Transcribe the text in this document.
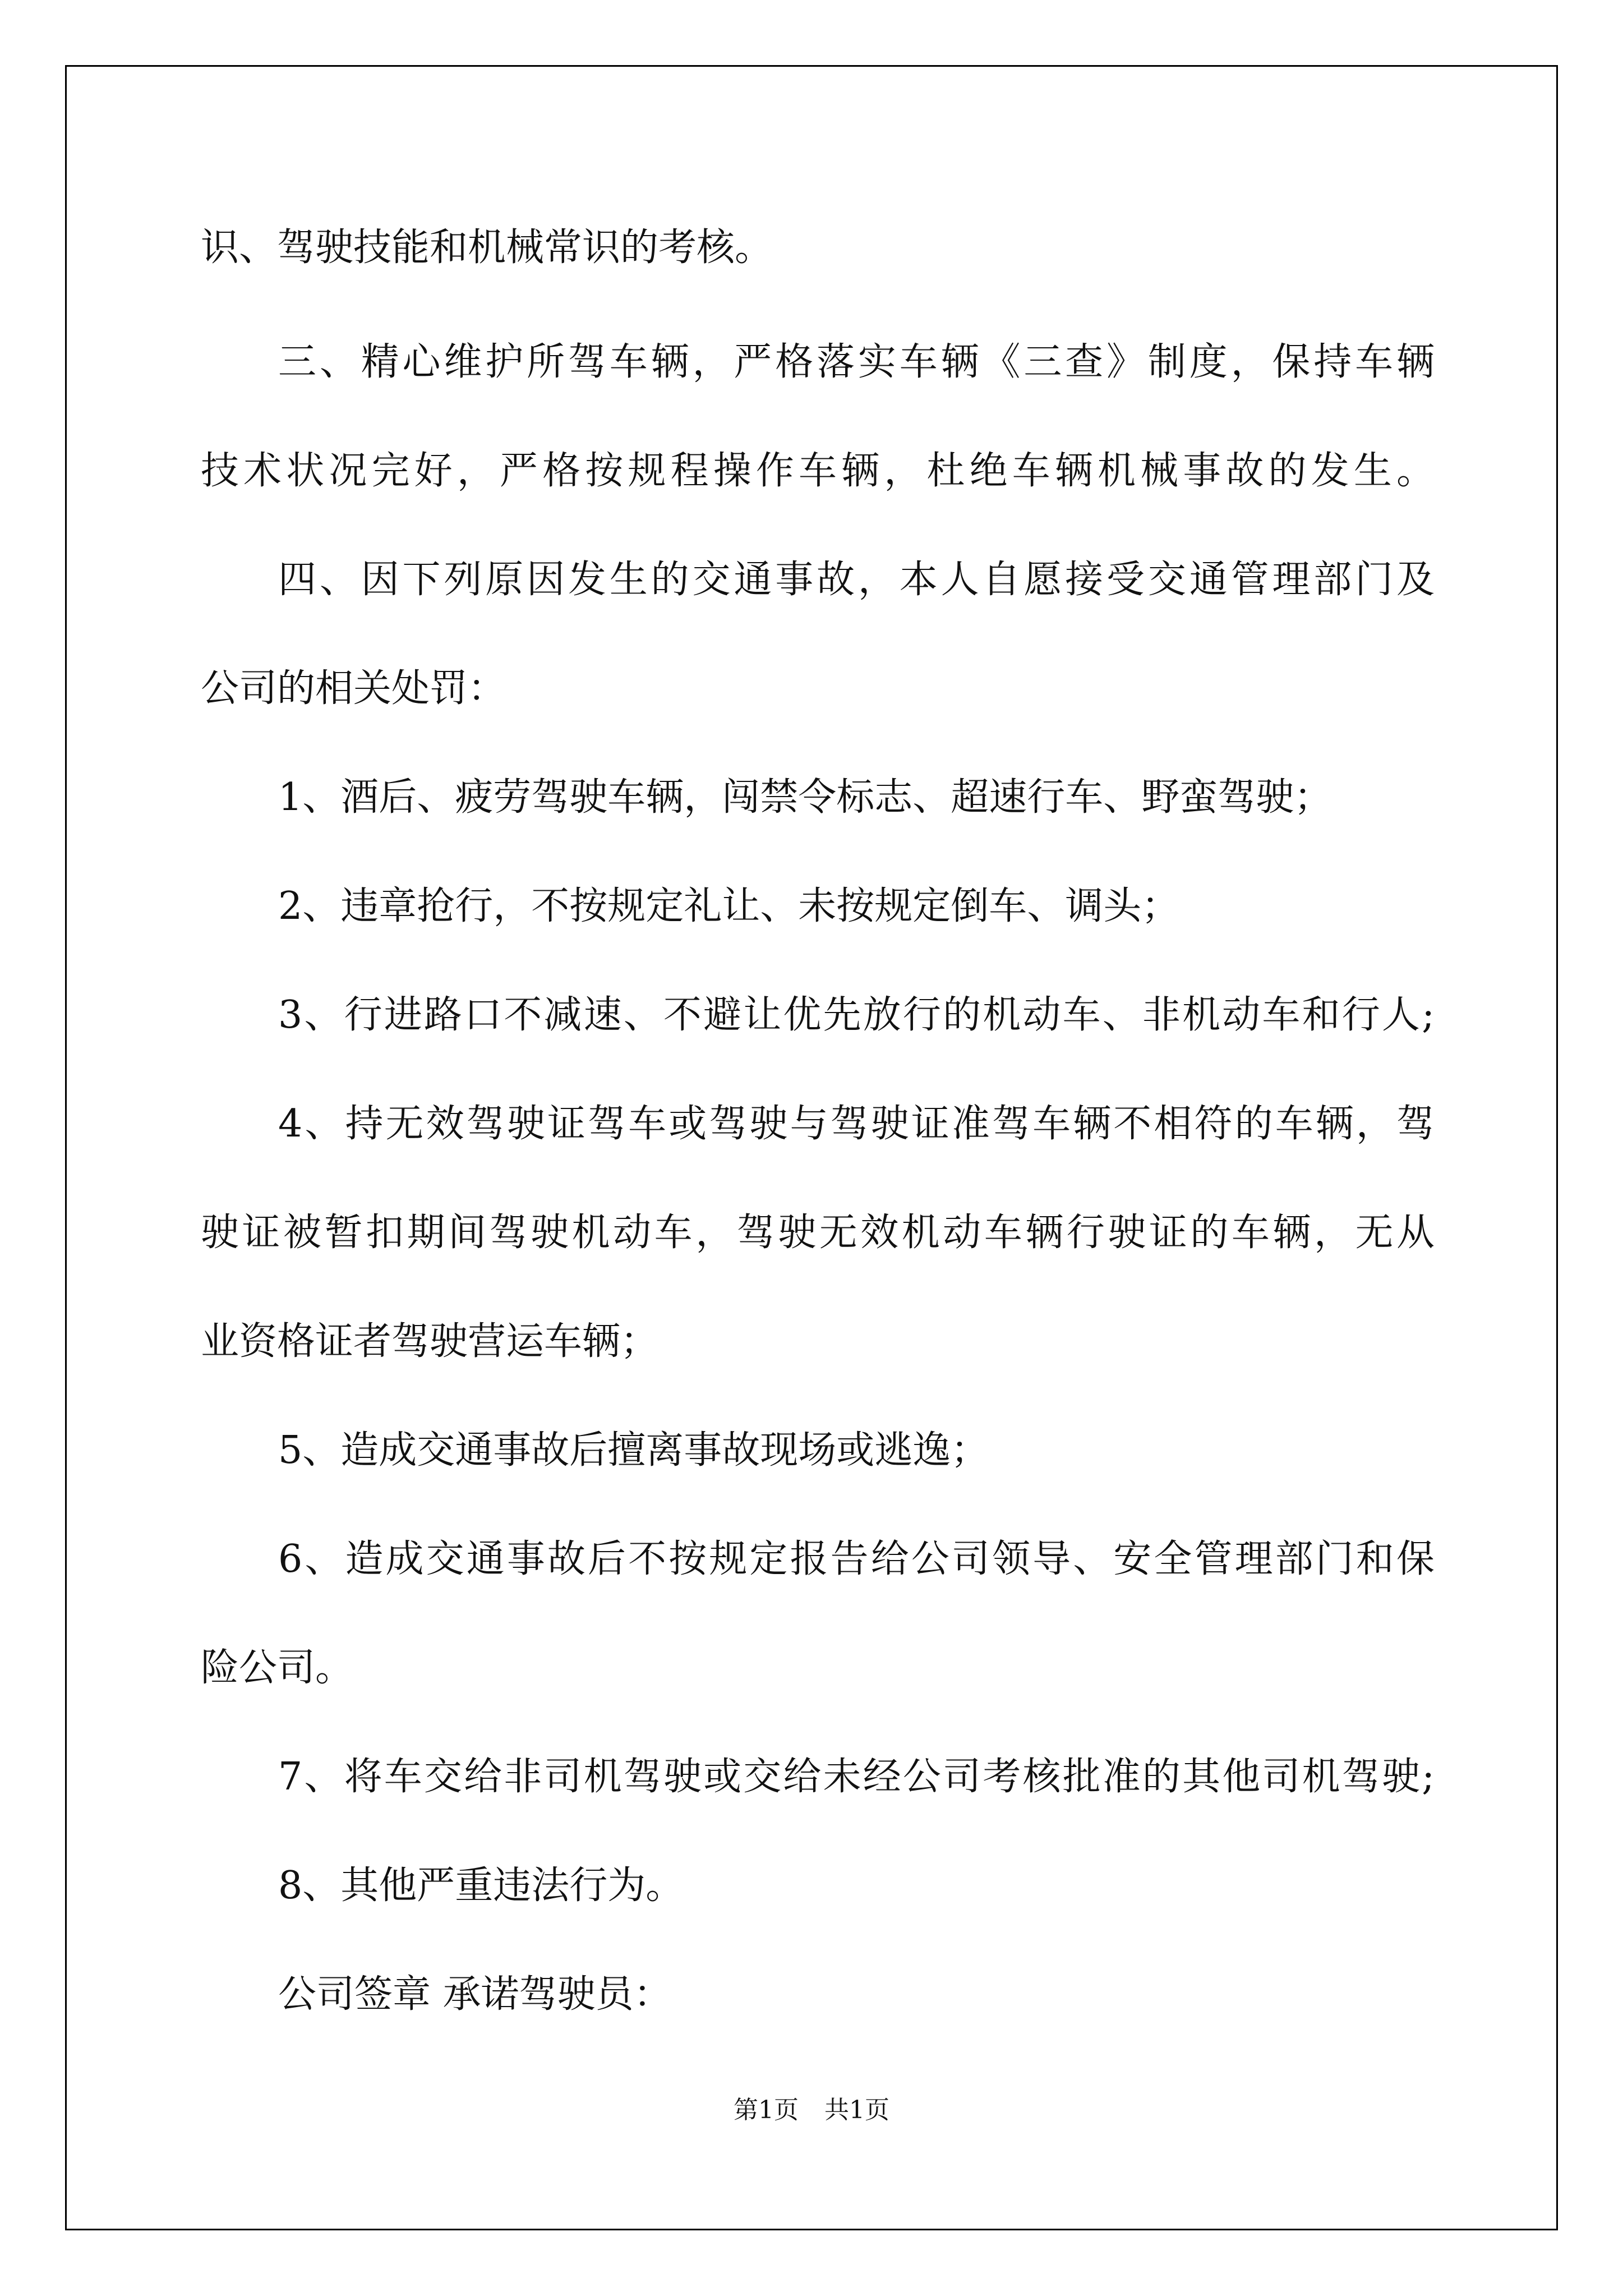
识、驾驶技能和机械常识的考核。
三、精心维护所驾车辆，严格落实车辆《三查》制度，保持车辆
技术状况完好，严格按规程操作车辆，杜绝车辆机械事故的发生。
四、因下列原因发生的交通事故，本人自愿接受交通管理部门及
公司的相关处罚：
1、酒后、疲劳驾驶车辆，闯禁令标志、超速行车、野蛮驾驶；
2、违章抢行，不按规定礼让、未按规定倒车、调头；
3、行进路口不减速、不避让优先放行的机动车、非机动车和行人;
4、持无效驾驶证驾车或驾驶与驾驶证准驾车辆不相符的车辆，驾
驶证被暂扣期间驾驶机动车，驾驶无效机动车辆行驶证的车辆，无从
业资格证者驾驶营运车辆；
5、造成交通事故后擅离事故现场或逃逸；
6、造成交通事故后不按规定报告给公司领导、安全管理部门和保
险公司。
7、将车交给非司机驾驶或交给未经公司考核批准的其他司机驾驶;
8、其他严重违法行为。
公司签章 承诺驾驶员：
第1页 共1页
